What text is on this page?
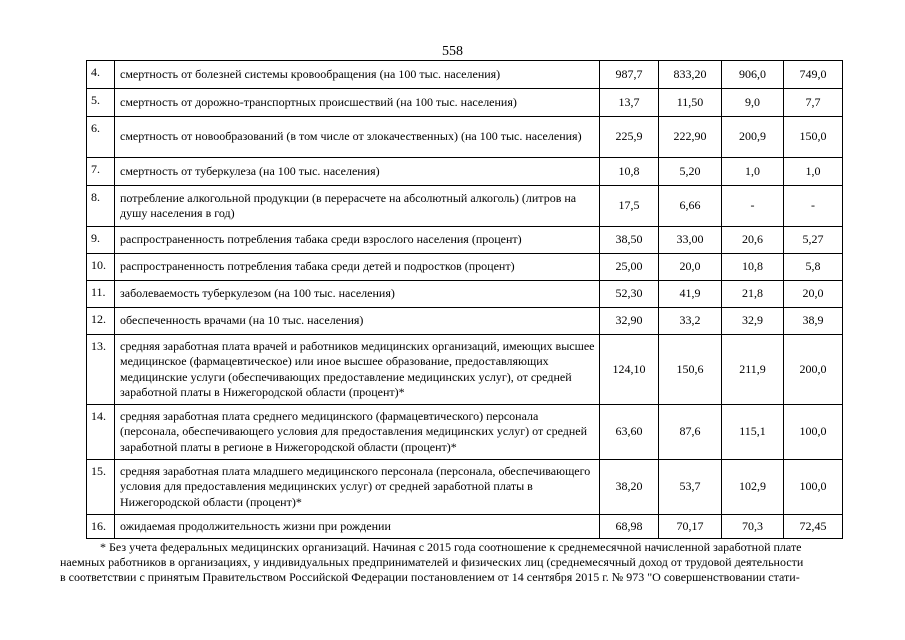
558
4.	смертность от болезней системы кровообращения (на 100 тыс. населения)	987,7	833,20	906,0	749,0
5.	смертность от дорожно-транспортных происшествий (на 100 тыс. населения)	13,7	11,50	9,0	7,7
6.	смертность от новообразований (в том числе от злокачественных) (на 100 тыс. населения)	225,9	222,90	200,9	150,0
7.	смертность от туберкулеза (на 100 тыс. населения)	10,8	5,20	1,0	1,0
8.	потребление алкогольной продукции (в перерасчете на абсолютный алкоголь) (литров на душу населения в год)	17,5	6,66	-	-
9.	распространенность потребления табака среди взрослого населения (процент)	38,50	33,00	20,6	5,27
10.	распространенность потребления табака среди детей и подростков (процент)	25,00	20,0	10,8	5,8
11.	заболеваемость туберкулезом (на 100 тыс. населения)	52,30	41,9	21,8	20,0
12.	обеспеченность врачами (на 10 тыс. населения)	32,90	33,2	32,9	38,9
13.	средняя заработная плата врачей и работников медицинских организаций, имеющих высшее медицинское (фармацевтическое) или иное высшее образование, предоставляющих медицинские услуги (обеспечивающих предоставление медицинских услуг), от средней заработной платы в Нижегородской области (процент)*	124,10	150,6	211,9	200,0
14.	средняя заработная плата среднего медицинского (фармацевтического) персонала (персонала, обеспечивающего условия для предоставления медицинских услуг) от средней заработной платы в регионе в Нижегородской области (процент)*	63,60	87,6	115,1	100,0
15.	средняя заработная плата младшего медицинского персонала (персонала, обеспечивающего условия для предоставления медицинских услуг) от средней заработной платы в Нижегородской области (процент)*	38,20	53,7	102,9	100,0
16.	ожидаемая продолжительность жизни при рождении	68,98	70,17	70,3	72,45
* Без учета федеральных медицинских организаций. Начиная с 2015 года соотношение к среднемесячной начисленной заработной плате
наемных работников в организациях, у индивидуальных предпринимателей и физических лиц (среднемесячный доход от трудовой деятельности
в соответствии с принятым Правительством Российской Федерации постановлением от 14 сентября 2015 г. № 973 "О совершенствовании стати-
